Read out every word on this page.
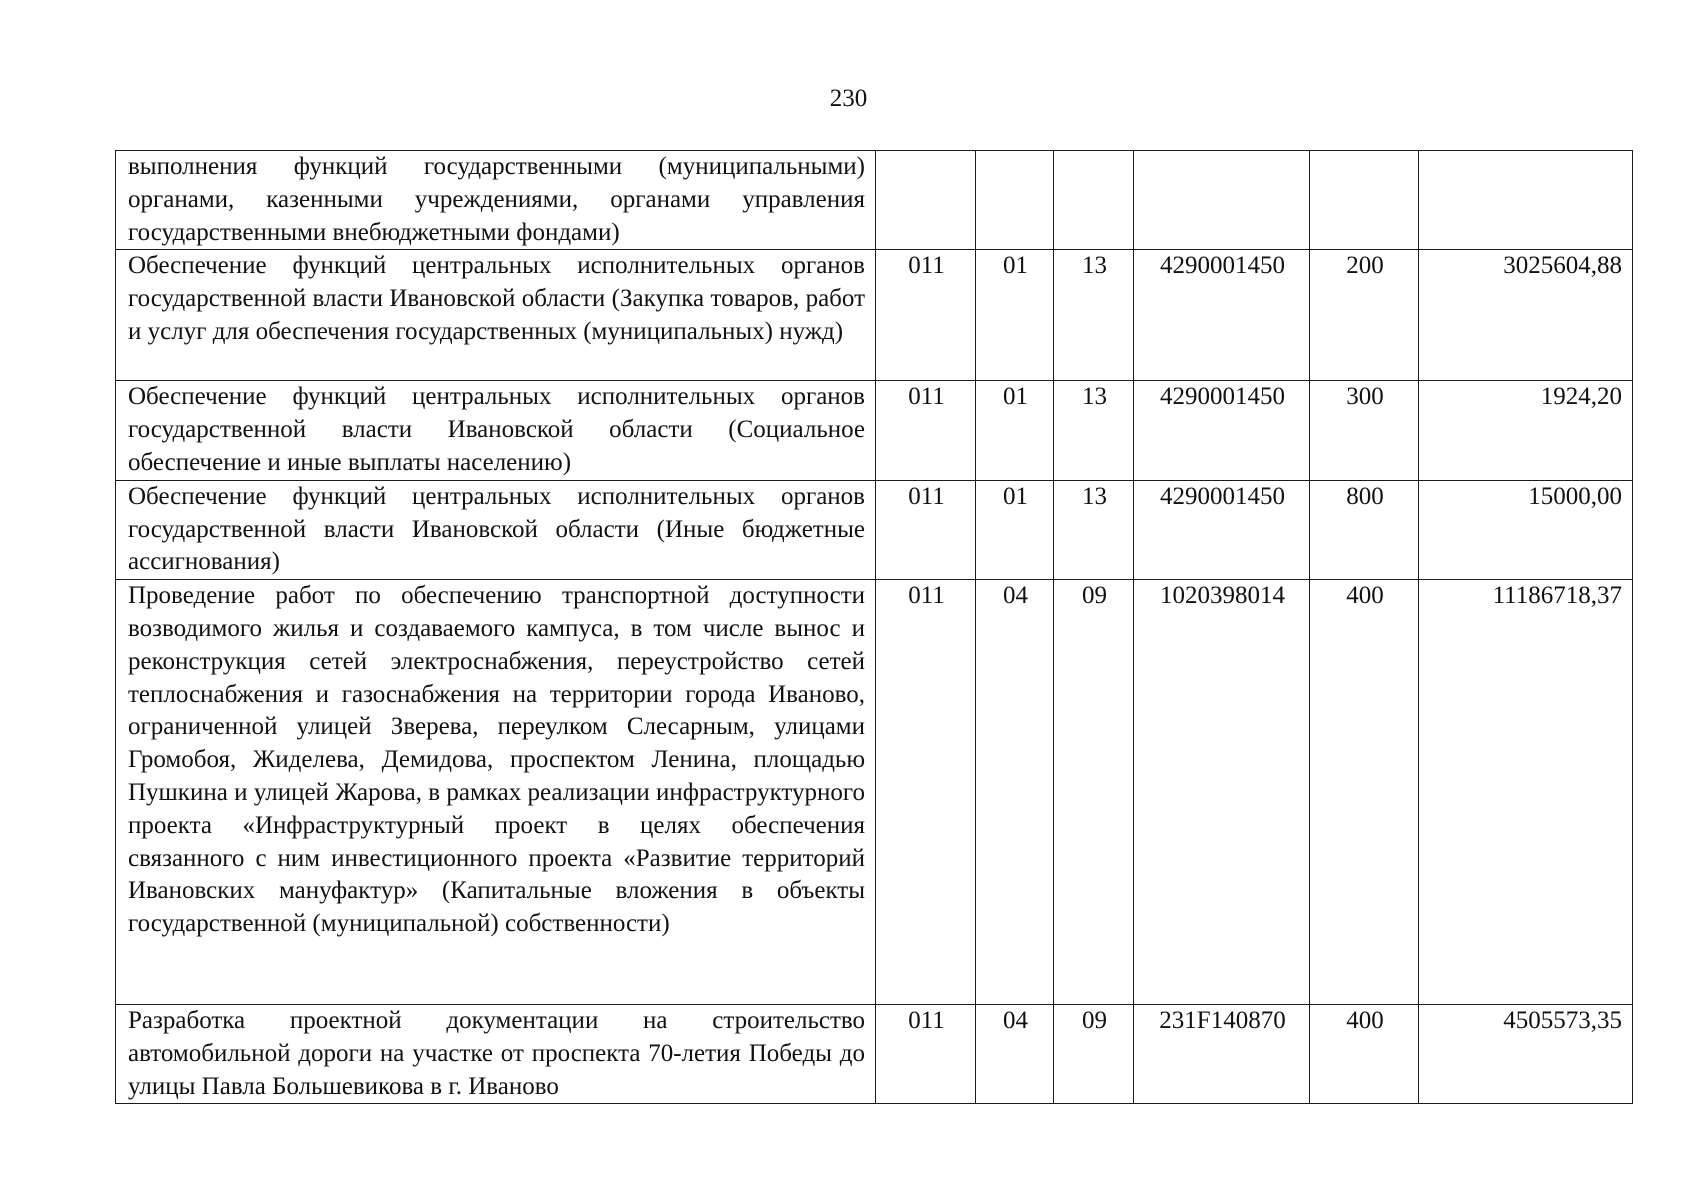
230
выполнения функций государственными (муниципальными) органами, казенными учреждениями, органами управления государственными внебюджетными фондами)						
Обеспечение функций центральных исполнительных органов государственной власти Ивановской области (Закупка товаров, работ и услуг для обеспечения государственных (муниципальных) нужд)	011	01	13	4290001450	200	3025604,88
Обеспечение функций центральных исполнительных органов государственной власти Ивановской области (Социальное обеспечение и иные выплаты населению)	011	01	13	4290001450	300	1924,20
Обеспечение функций центральных исполнительных органов государственной власти Ивановской области (Иные бюджетные ассигнования)	011	01	13	4290001450	800	15000,00
Проведение работ по обеспечению транспортной доступности возводимого жилья и создаваемого кампуса, в том числе вынос и реконструкция сетей электроснабжения, переустройство сетей теплоснабжения и газоснабжения на территории города Иваново, ограниченной улицей Зверева, переулком Слесарным, улицами Громобоя, Жиделева, Демидова, проспектом Ленина, площадью Пушкина и улицей Жарова, в рамках реализации инфраструктурного проекта «Инфраструктурный проект в целях обеспечения связанного с ним инвестиционного проекта «Развитие территорий Ивановских мануфактур» (Капитальные вложения в объекты государственной (муниципальной) собственности)	011	04	09	1020398014	400	11186718,37

Разработка проектной документации на строительство автомобильной дороги на участке от проспекта 70-летия Победы до улицы Павла Большевикова в г. Иваново	011	04	09	231F140870	400	4505573,35
